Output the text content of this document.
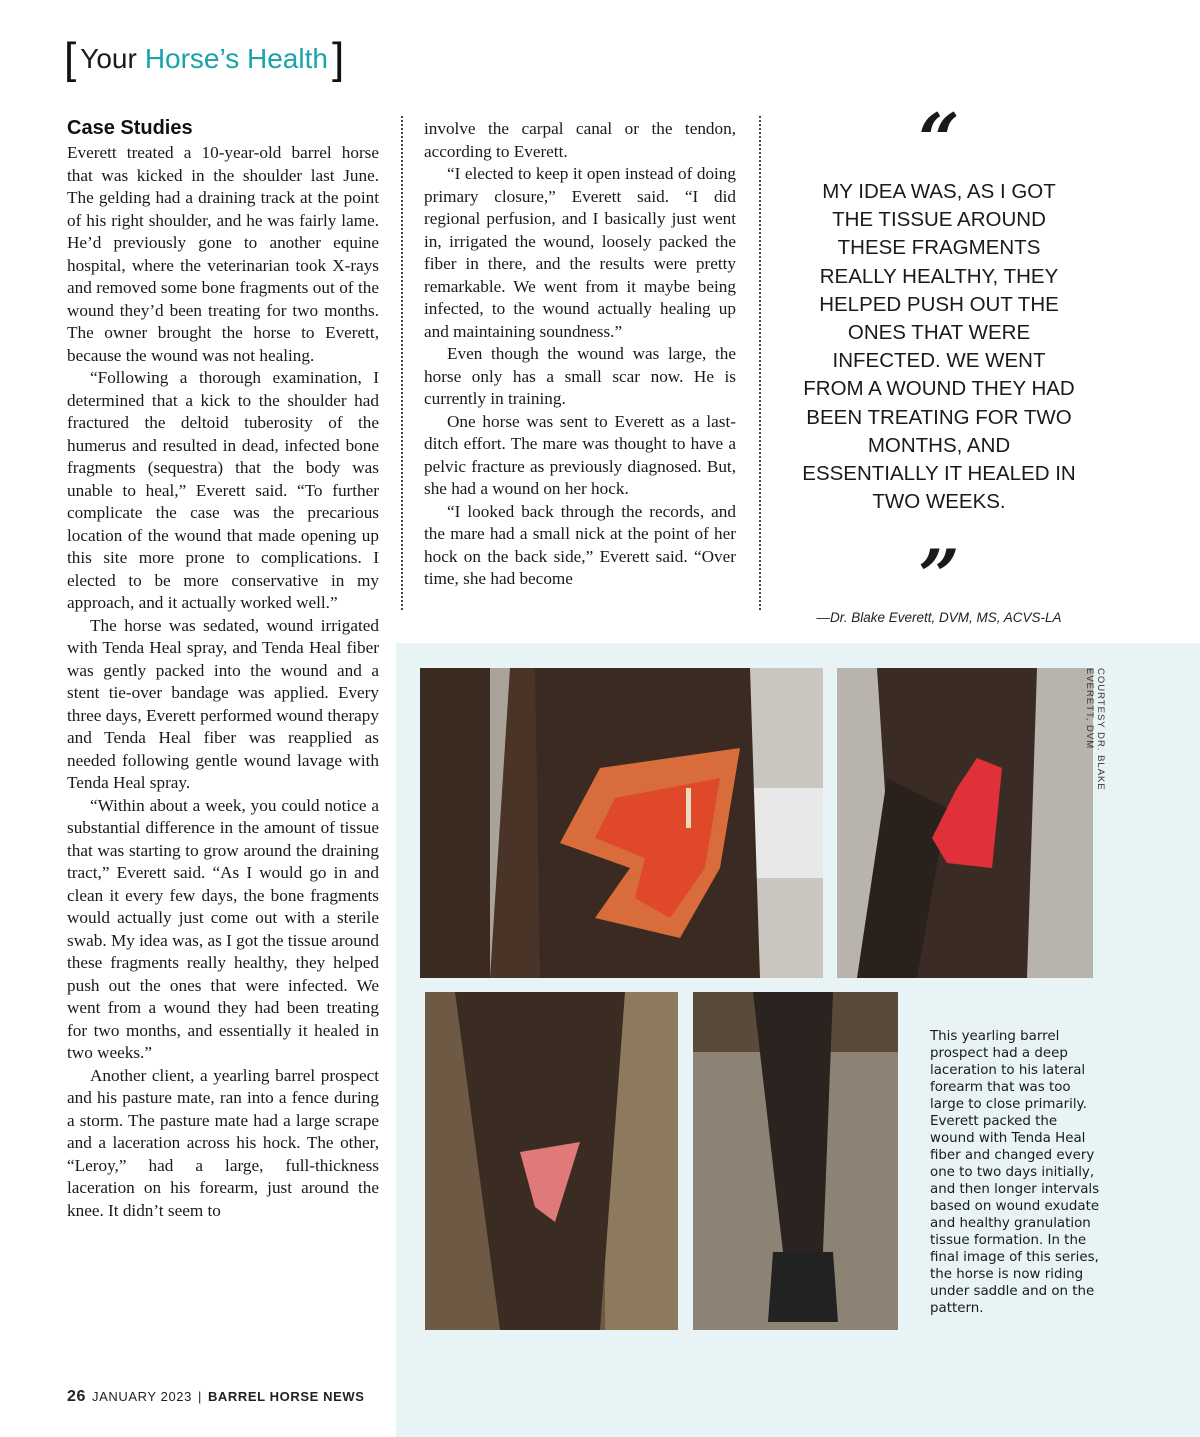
[ Your Horse’s Health ]
Case Studies

Everett treated a 10-year-old barrel horse that was kicked in the shoulder last June. The gelding had a draining track at the point of his right shoulder, and he was fairly lame. He’d previously gone to another equine hospital, where the veterinarian took X-rays and removed some bone fragments out of the wound they’d been treating for two months. The owner brought the horse to Everett, because the wound was not healing.

“Following a thorough examination, I determined that a kick to the shoulder had fractured the deltoid tuberosity of the humerus and resulted in dead, infected bone fragments (sequestra) that the body was unable to heal,” Everett said. “To further complicate the case was the precarious location of the wound that made opening up this site more prone to complications. I elected to be more conservative in my approach, and it actually worked well.”

The horse was sedated, wound irrigated with Tenda Heal spray, and Tenda Heal fiber was gently packed into the wound and a stent tie-over bandage was applied. Every three days, Everett performed wound therapy and Tenda Heal fiber was reapplied as needed following gentle wound lavage with Tenda Heal spray.

“Within about a week, you could notice a substantial difference in the amount of tissue that was starting to grow around the draining tract,” Everett said. “As I would go in and clean it every few days, the bone fragments would actually just come out with a sterile swab. My idea was, as I got the tissue around these fragments really healthy, they helped push out the ones that were infected. We went from a wound they had been treating for two months, and essentially it healed in two weeks.”

Another client, a yearling barrel prospect and his pasture mate, ran into a fence during a storm. The pasture mate had a large scrape and a laceration across his hock. The other, “Leroy,” had a large, full-thickness laceration on his forearm, just around the knee. It didn’t seem to

involve the carpal canal or the tendon, according to Everett.

“I elected to keep it open instead of doing primary closure,” Everett said. “I did regional perfusion, and I basically just went in, irrigated the wound, loosely packed the fiber in there, and the results were pretty remarkable. We went from it maybe being infected, to the wound actually healing up and maintaining soundness.”

Even though the wound was large, the horse only has a small scar now. He is currently in training.

One horse was sent to Everett as a last-ditch effort. The mare was thought to have a pelvic fracture as previously diagnosed. But, she had a wound on her hock.

“I looked back through the records, and the mare had a small nick at the point of her hock on the back side,” Everett said. “Over time, she had become

“

MY IDEA WAS, AS I GOT THE TISSUE AROUND THESE FRAGMENTS REALLY HEALTHY, THEY HELPED PUSH OUT THE ONES THAT WERE INFECTED. WE WENT FROM A WOUND THEY HAD BEEN TREATING FOR TWO MONTHS, AND ESSENTIALLY IT HEALED IN TWO WEEKS.

”
—Dr. Blake Everett, DVM, MS, ACVS-LA
COURTESY DR. BLAKE EVERETT, DVM

This yearling barrel prospect had a deep laceration to his lateral forearm that was too large to close primarily. Everett packed the wound with Tenda Heal fiber and changed every one to two days initially, and then longer intervals based on wound exudate and healthy granulation tissue formation. In the final image of this series, the horse is now riding under saddle and on the pattern.

26 JANUARY 2023 | BARREL HORSE NEWS
